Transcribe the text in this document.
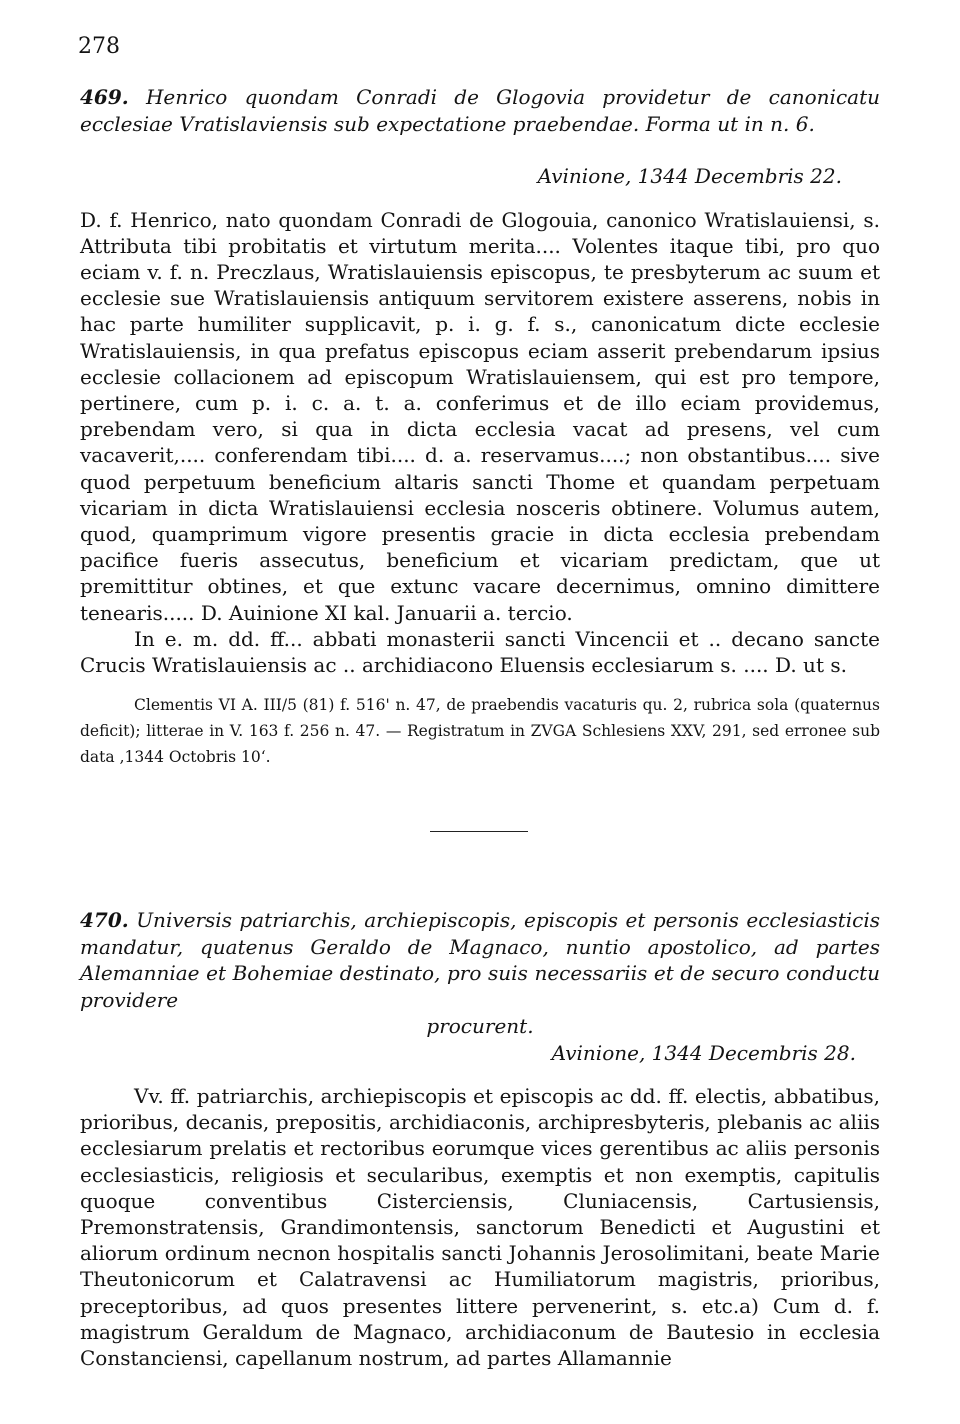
278
469. Henrico quondam Conradi de Glogovia providetur de canonicatu ecclesiae Vratislaviensis sub expectatione praebendae. Forma ut in n. 6.
Avinione, 1344 Decembris 22.

D. f. Henrico, nato quondam Conradi de Glogouia, canonico Wratislauiensi, s. Attributa tibi probitatis et virtutum merita.... Volentes itaque tibi, pro quo eciam v. f. n. Preczlaus, Wratislauiensis episcopus, te presbyterum ac suum et ecclesie sue Wratislauiensis antiquum servitorem existere asserens, nobis in hac parte humiliter supplicavit, p. i. g. f. s., canonicatum dicte ecclesie Wratislauiensis, in qua prefatus episcopus eciam asserit prebendarum ipsius ecclesie collacionem ad episcopum Wratislauiensem, qui est pro tempore, pertinere, cum p. i. c. a. t. a. conferimus et de illo eciam providemus, prebendam vero, si qua in dicta ecclesia vacat ad presens, vel cum vacaverit,.... conferendam tibi.... d. a. reservamus....; non obstantibus.... sive quod perpetuum beneficium altaris sancti Thome et quandam perpetuam vicariam in dicta Wratislauiensi ecclesia nosceris obtinere. Volumus autem, quod, quamprimum vigore presentis gracie in dicta ecclesia prebendam pacifice fueris assecutus, beneficium et vicariam predictam, que ut premittitur obtines, et que extunc vacare decernimus, omnino dimittere tenearis..... D. Auinione XI kal. Januarii a. tercio.

In e. m. dd. ff... abbati monasterii sancti Vincencii et .. decano sancte Crucis Wratislauiensis ac .. archidiacono Eluensis ecclesiarum s. .... D. ut s.

Clementis VI A. III/5 (81) f. 516' n. 47, de praebendis vacaturis qu. 2, rubrica sola (quaternus deficit); litterae in V. 163 f. 256 n. 47. — Registratum in ZVGA Schlesiens XXV, 291, sed erronee sub data ‚1344 Octobris 10‘.

470. Universis patriarchis, archiepiscopis, episcopis et personis ecclesiasticis mandatur, quatenus Geraldo de Magnaco, nuntio apostolico, ad partes Alemanniae et Bohemiae destinato, pro suis necessariis et de securo conductu providere
procurent.
Avinione, 1344 Decembris 28.

Vv. ff. patriarchis, archiepiscopis et episcopis ac dd. ff. electis, abbatibus, prioribus, decanis, prepositis, archidiaconis, archipresbyteris, plebanis ac aliis ecclesiarum prelatis et rectoribus eorumque vices gerentibus ac aliis personis ecclesiasticis, religiosis et secularibus, exemptis et non exemptis, capitulis quoque conventibus Cisterciensis, Cluniacensis, Cartusiensis, Premonstratensis, Grandimontensis, sanctorum Benedicti et Augustini et aliorum ordinum necnon hospitalis sancti Johannis Jerosolimitani, beate Marie Theutonicorum et Calatravensi ac Humiliatorum magistris, prioribus, preceptoribus, ad quos presentes littere pervenerint, s. etc.a) Cum d. f. magistrum Geraldum de Magnaco, archidiaconum de Bautesio in ecclesia Constanciensi, capellanum nostrum, ad partes Allamannie
